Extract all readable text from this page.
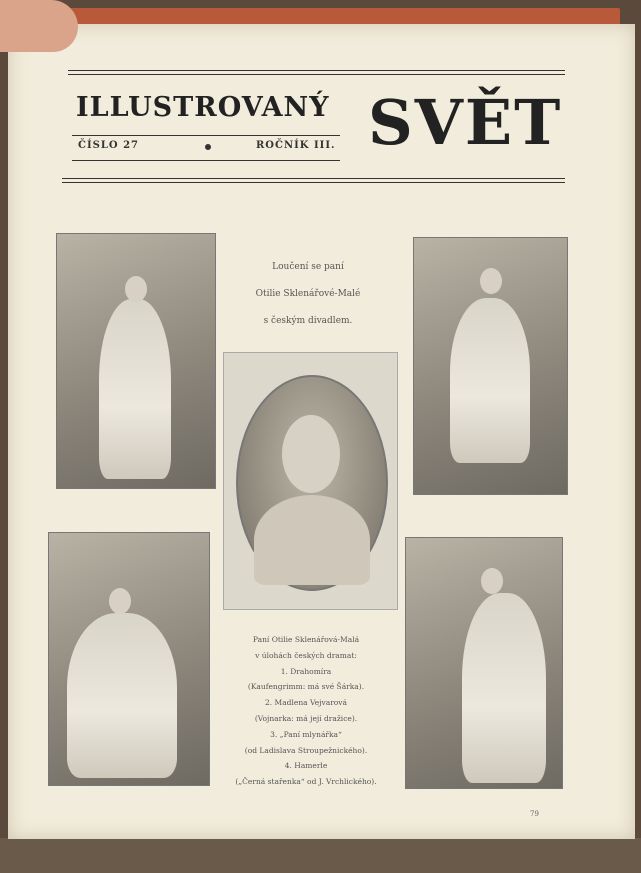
ILLUSTROVANÝ SVĚT
ČÍSLO 27	ROČNÍK III.
Loučení se paní
Otilie Sklenářové-Malé
s českým divadlem.
Paní Otilie Sklenářová-Malá
v úlohách českých dramat:
1. Drahomíra
(Kaufengrimm: má své Šárka).
2. Madlena Vejvarová
(Vojnarka: má její dražice).
3. „Paní mlynářka“
(od Ladislava Stroupežnického).
4. Hamerle
(„Černá stařenka“ od J. Vrchlického).
79
